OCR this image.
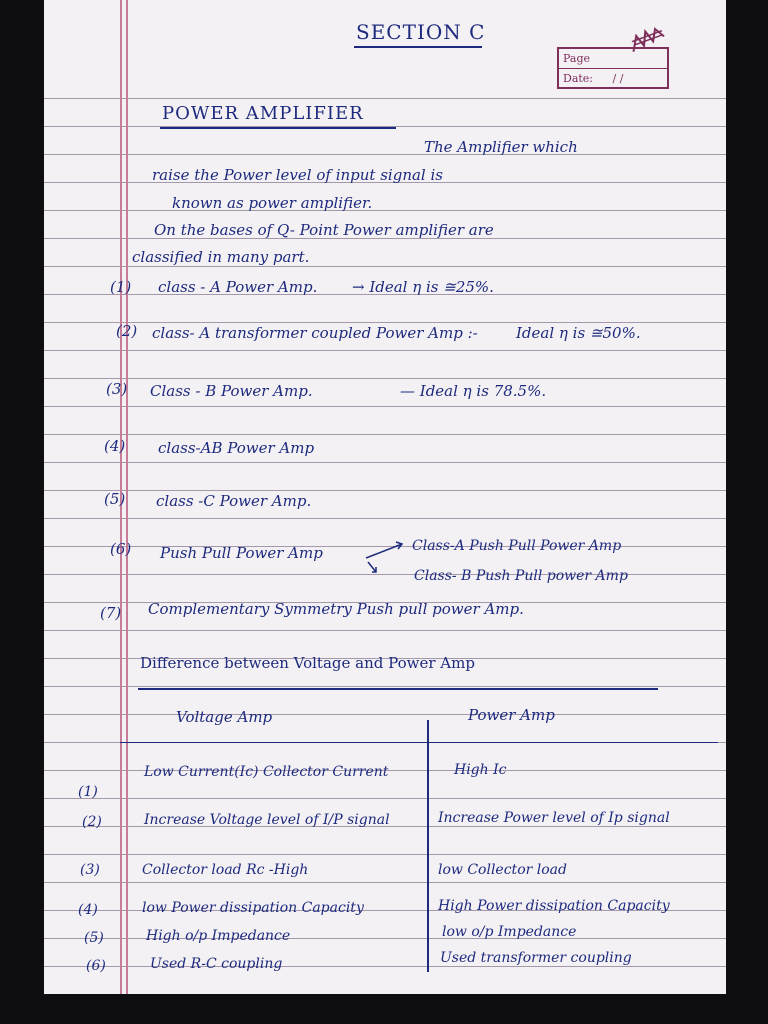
SECTION C
Page
Date: / /
POWER AMPLIFIER
The Amplifier which
raise the Power level of input signal is
known as power amplifier.
On the bases of Q- Point Power amplifier are
classified in many part.
(1) class - A Power Amp. → Ideal η is ≅25%.
(2) class- A transformer coupled Power Amp :-	Ideal η is ≅50%.
(3) Class - B Power Amp.	— Ideal η is 78.5%.
(4) class-AB Power Amp
(5) class -C Power Amp.
(6) Push Pull Power Amp	Class-A Push Pull Power Amp
Class- B Push Pull power Amp
(7) Complementary Symmetry Push pull power Amp.
Difference between Voltage and Power Amp
Voltage Amp	Power Amp
(1)
Low Current(Ic) Collector Current	High Ic
(2)	Increase Voltage level of I/P signal	Increase Power level of Ip signal
(3)	Collector load Rc -High	low Collector load
(4)	low Power dissipation Capacity	High Power dissipation Capacity
(5)	High o/p Impedance	low o/p Impedance
(6)	Used R-C coupling	Used transformer coupling
